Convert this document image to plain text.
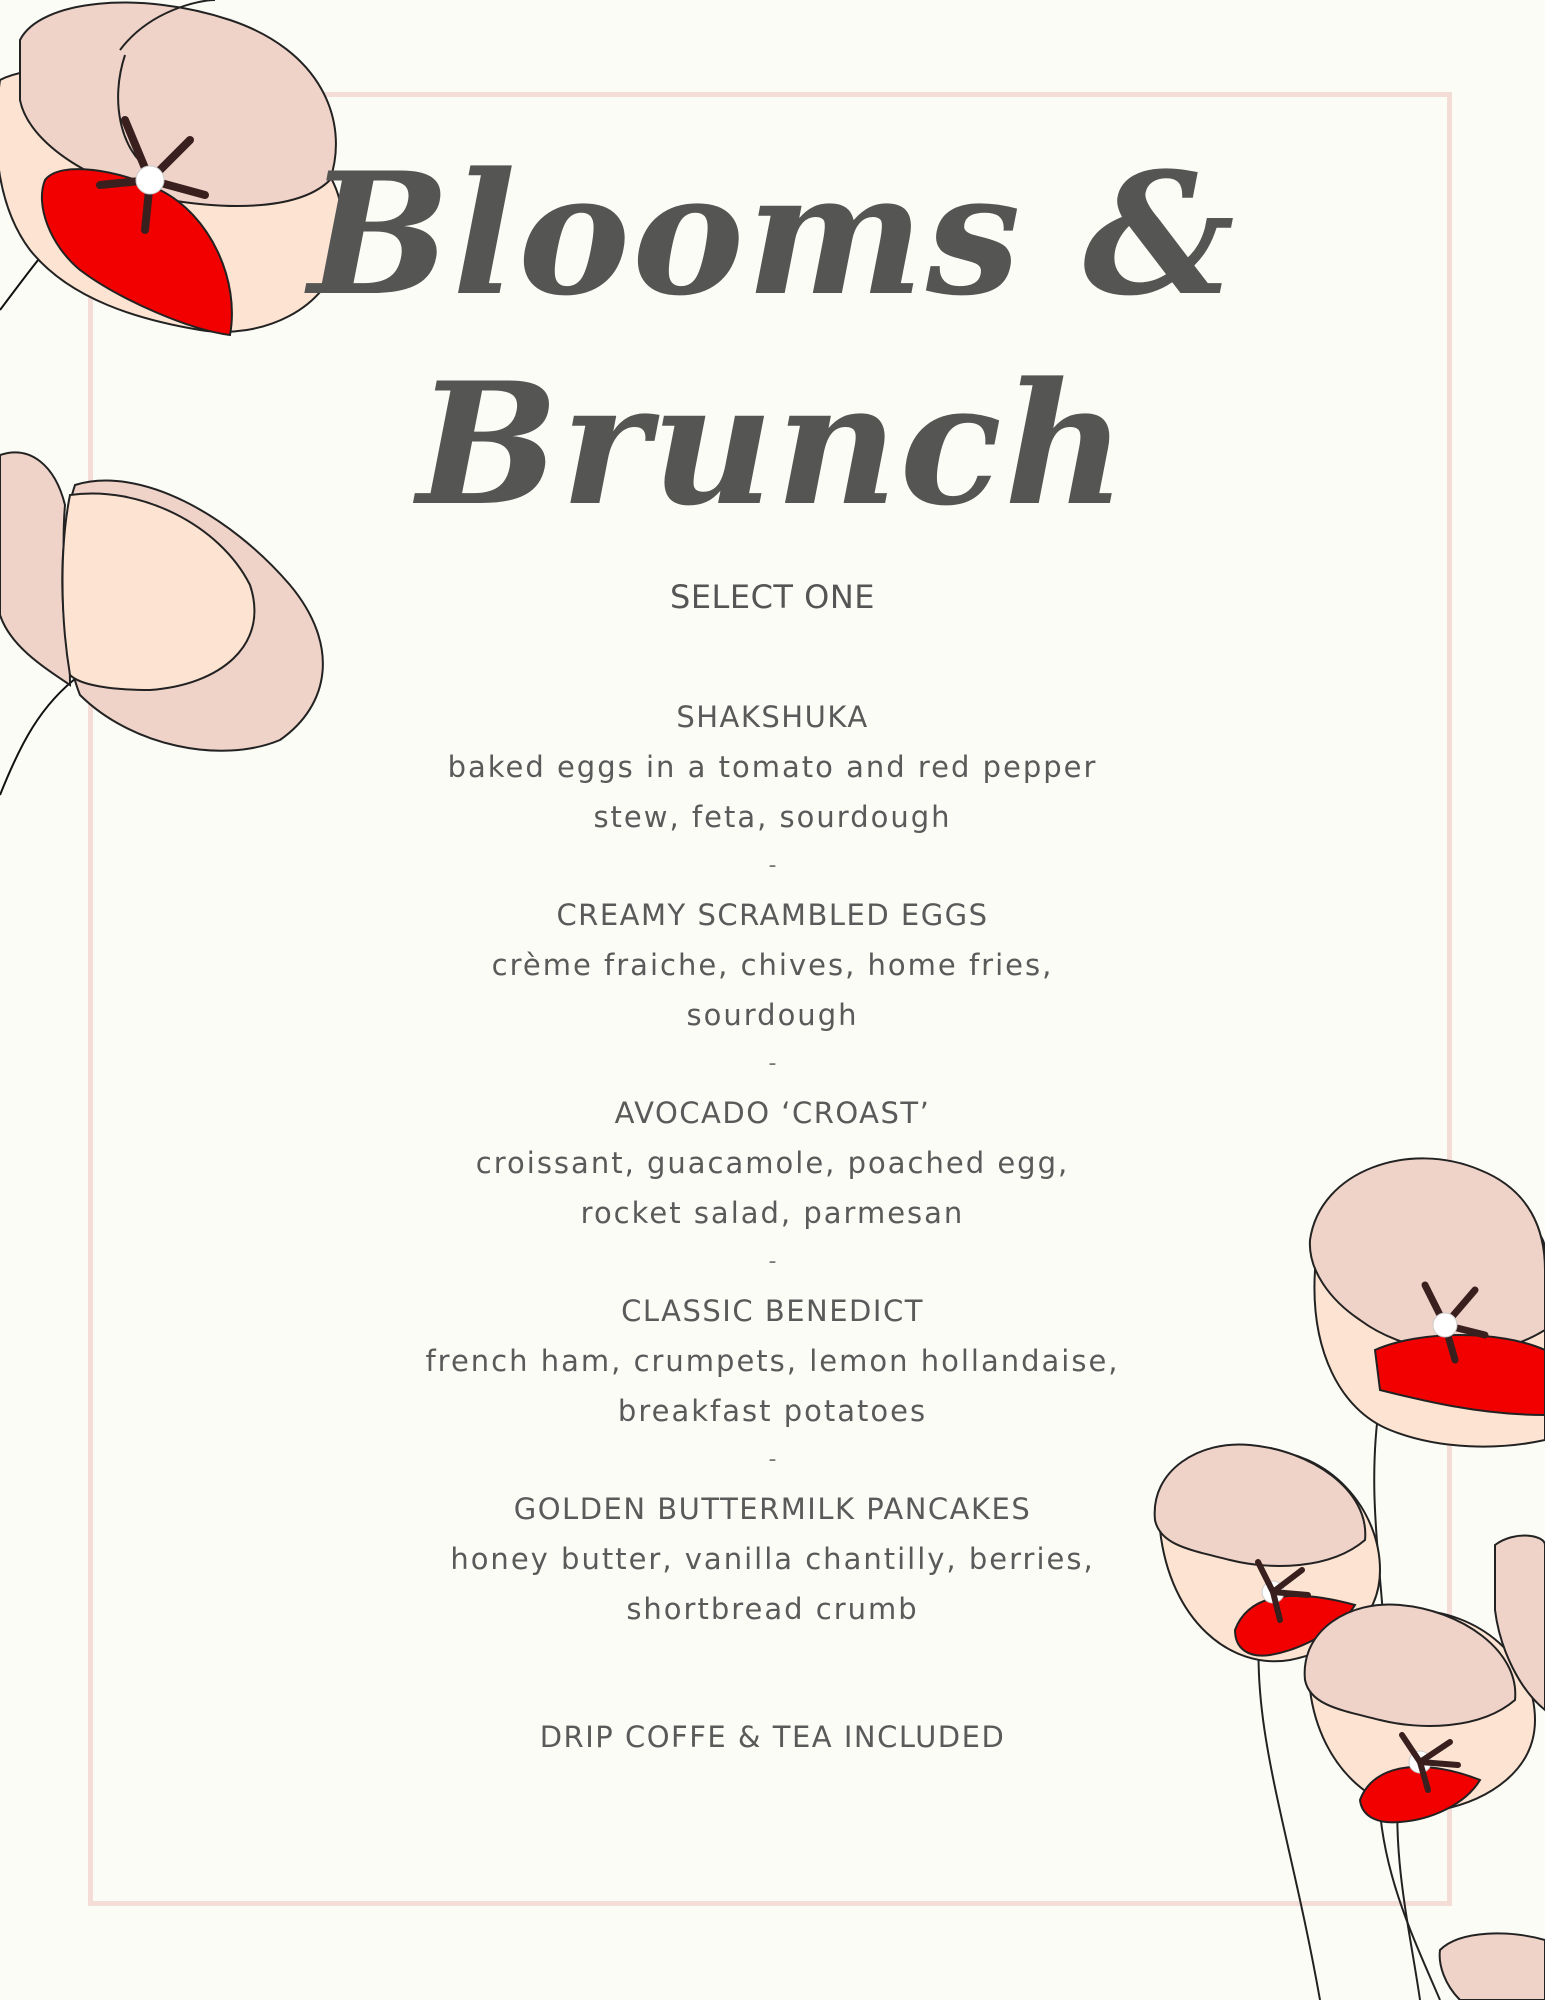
Blooms &
Brunch
SELECT ONE
SHAKSHUKA
baked eggs in a tomato and red pepper
stew, feta, sourdough
-
CREAMY SCRAMBLED EGGS
crème fraiche, chives, home fries,
sourdough
-
AVOCADO ‘CROAST’
croissant, guacamole, poached egg,
rocket salad, parmesan
-
CLASSIC BENEDICT
french ham, crumpets, lemon hollandaise,
breakfast potatoes
-
GOLDEN BUTTERMILK PANCAKES
honey butter, vanilla chantilly, berries,
shortbread crumb
DRIP COFFE & TEA INCLUDED
